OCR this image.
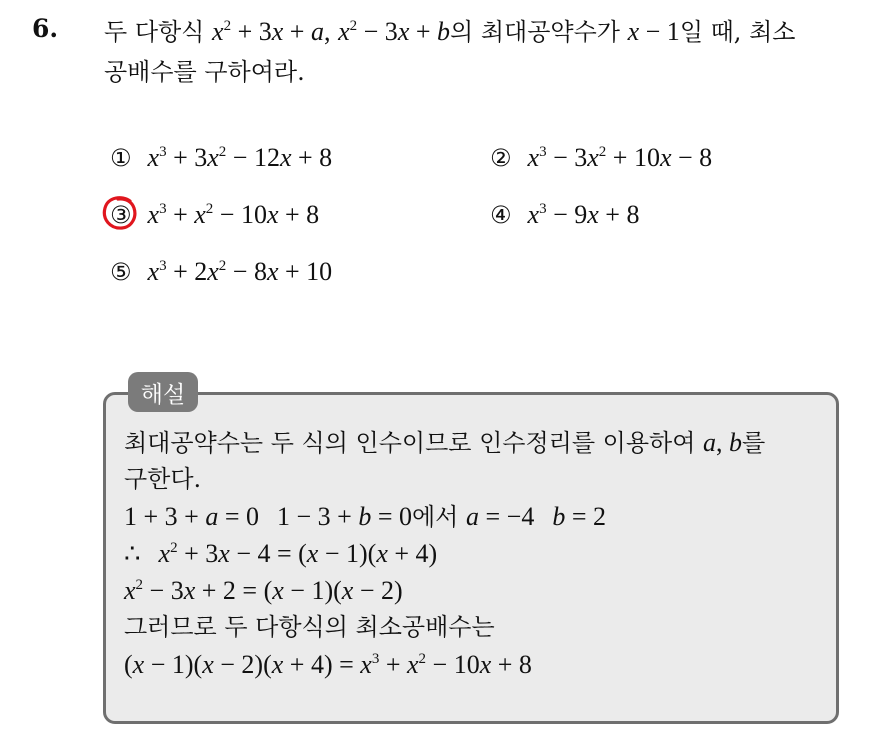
6. 두 다항식 $x^2 + 3x + a$, $x^2 - 3x + b$의 최대공약수가 x − 1일 때, 최소
공배수를 구하여라.
① $x^3 + 3x^2 - 12x + 8$	② $x^3 - 3x^2 + 10x - 8$
③ $x^3 + x^2 - 10x + 8$	④ $x^3 - 9x + 8$
⑤ $x^3 + 2x^2 - 8x + 10$
해설
최대공약수는 두 식의 인수이므로 인수정리를 이용하여 a, b를
구한다.
1 + 3 + a = 0 1 − 3 + b = 0에서 a = −4 b = 2
∴ $x^2 + 3x - 4 = (x - 1)(x + 4)$
$x^2 - 3x + 2 = (x - 1)(x - 2)$
그러므로 두 다항식의 최소공배수는
$(x - 1)(x - 2)(x + 4) = x^3 + x^2 - 10x + 8$
